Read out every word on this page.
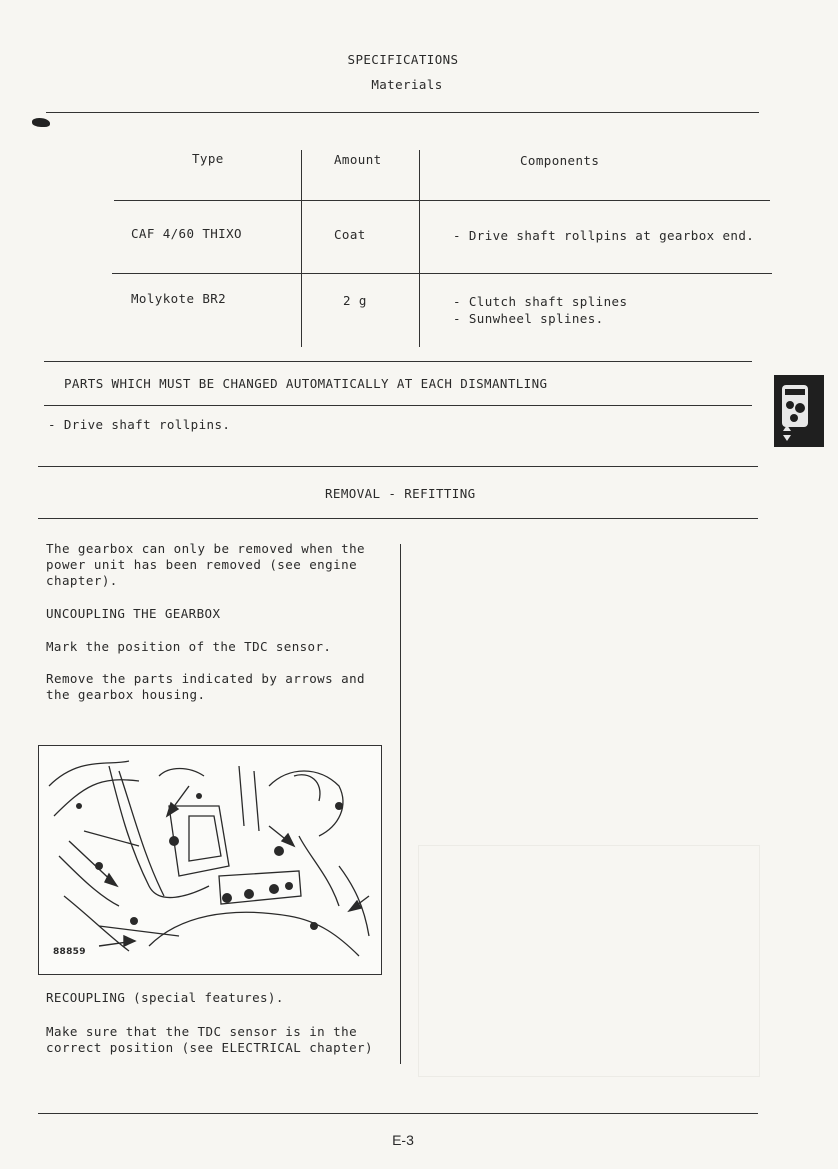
SPECIFICATIONS
Materials
Type	Amount	Components
CAF 4/60 THIXO	Coat	- Drive shaft rollpins at gearbox end.
Molykote BR2	2 g	- Clutch shaft splines
- Sunwheel splines.
PARTS WHICH MUST BE CHANGED AUTOMATICALLY AT EACH DISMANTLING
- Drive shaft rollpins.
REMOVAL - REFITTING
The gearbox can only be removed when the power unit has been removed (see engine chapter).
UNCOUPLING THE GEARBOX
Mark the position of the TDC sensor.
Remove the parts indicated by arrows and the gearbox housing.
88859
RECOUPLING (special features).
Make sure that the TDC sensor is in the correct position (see ELECTRICAL chapter)
E-3
